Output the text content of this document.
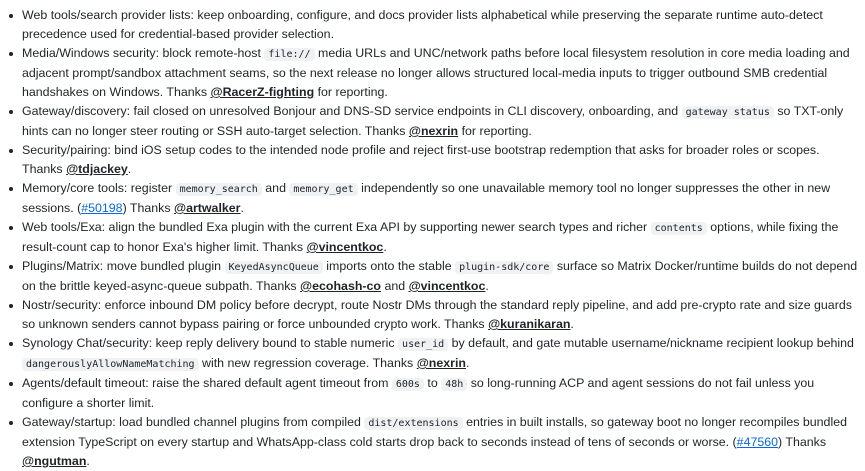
Web tools/search provider lists: keep onboarding, configure, and docs provider lists alphabetical while preserving the separate runtime auto-detect precedence used for credential-based provider selection.
Media/Windows security: block remote-host file:// media URLs and UNC/network paths before local filesystem resolution in core media loading and adjacent prompt/sandbox attachment seams, so the next release no longer allows structured local-media inputs to trigger outbound SMB credential handshakes on Windows. Thanks @RacerZ-fighting for reporting.
Gateway/discovery: fail closed on unresolved Bonjour and DNS-SD service endpoints in CLI discovery, onboarding, and gateway status so TXT-only hints can no longer steer routing or SSH auto-target selection. Thanks @nexrin for reporting.
Security/pairing: bind iOS setup codes to the intended node profile and reject first-use bootstrap redemption that asks for broader roles or scopes. Thanks @tdjackey.
Memory/core tools: register memory_search and memory_get independently so one unavailable memory tool no longer suppresses the other in new sessions. (#50198) Thanks @artwalker.
Web tools/Exa: align the bundled Exa plugin with the current Exa API by supporting newer search types and richer contents options, while fixing the result-count cap to honor Exa's higher limit. Thanks @vincentkoc.
Plugins/Matrix: move bundled plugin KeyedAsyncQueue imports onto the stable plugin-sdk/core surface so Matrix Docker/runtime builds do not depend on the brittle keyed-async-queue subpath. Thanks @ecohash-co and @vincentkoc.
Nostr/security: enforce inbound DM policy before decrypt, route Nostr DMs through the standard reply pipeline, and add pre-crypto rate and size guards so unknown senders cannot bypass pairing or force unbounded crypto work. Thanks @kuranikaran.
Synology Chat/security: keep reply delivery bound to stable numeric user_id by default, and gate mutable username/nickname recipient lookup behind dangerouslyAllowNameMatching with new regression coverage. Thanks @nexrin.
Agents/default timeout: raise the shared default agent timeout from 600s to 48h so long-running ACP and agent sessions do not fail unless you configure a shorter limit.
Gateway/startup: load bundled channel plugins from compiled dist/extensions entries in built installs, so gateway boot no longer recompiles bundled extension TypeScript on every startup and WhatsApp-class cold starts drop back to seconds instead of tens of seconds or worse. (#47560) Thanks @ngutman.
